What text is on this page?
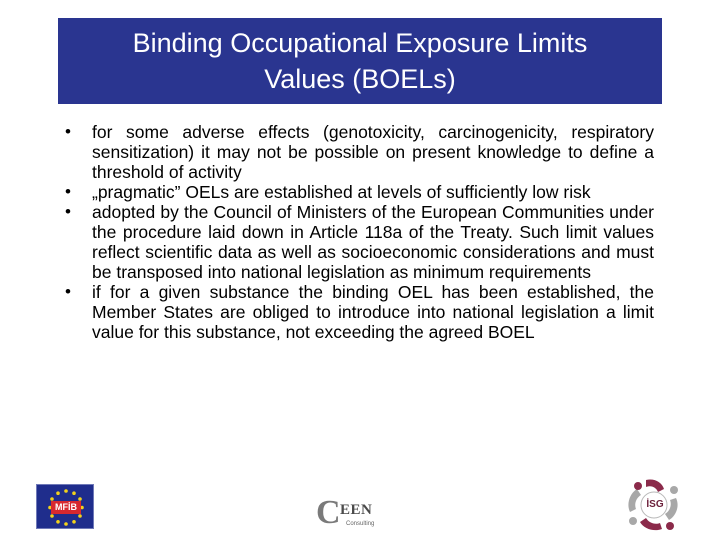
Binding Occupational Exposure Limits
Values (BOELs)
•	for some adverse effects (genotoxicity, carcinogenicity, respiratory sensitization) it may not be possible on present knowledge to define a threshold of activity
•	„pragmatic” OELs are established at levels of sufficiently low risk
•	adopted by the Council of Ministers of the European Communities under the procedure laid down in Article 118a of the Treaty. Such limit values reflect scientific data as well as socioeconomic considerations and must be transposed into national legislation as minimum requirements
•	if for a given substance the binding OEL has been established, the Member States are obliged to introduce into national legislation a limit value for this substance, not exceeding the agreed BOEL
MFİB	C EEN
Consulting
İSG
